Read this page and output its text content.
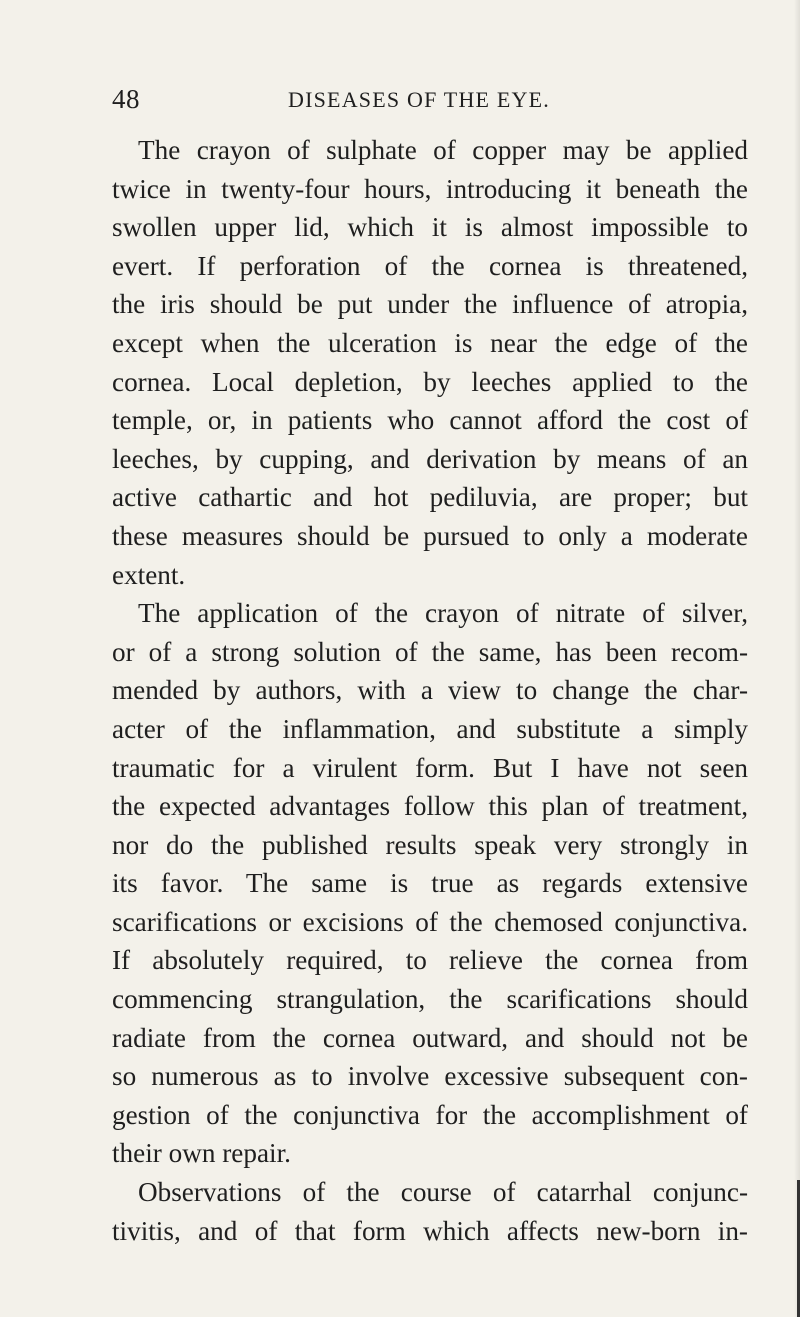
48	DISEASES OF THE EYE.
The crayon of sulphate of copper may be applied
twice in twenty-four hours, introducing it beneath the
swollen upper lid, which it is almost impossible to
evert. If perforation of the cornea is threatened,
the iris should be put under the influence of atropia,
except when the ulceration is near the edge of the
cornea. Local depletion, by leeches applied to the
temple, or, in patients who cannot afford the cost of
leeches, by cupping, and derivation by means of an
active cathartic and hot pediluvia, are proper; but
these measures should be pursued to only a moderate
extent.
The application of the crayon of nitrate of silver,
or of a strong solution of the same, has been recom-
mended by authors, with a view to change the char-
acter of the inflammation, and substitute a simply
traumatic for a virulent form. But I have not seen
the expected advantages follow this plan of treatment,
nor do the published results speak very strongly in
its favor. The same is true as regards extensive
scarifications or excisions of the chemosed conjunctiva.
If absolutely required, to relieve the cornea from
commencing strangulation, the scarifications should
radiate from the cornea outward, and should not be
so numerous as to involve excessive subsequent con-
gestion of the conjunctiva for the accomplishment of
their own repair.
Observations of the course of catarrhal conjunc-
tivitis, and of that form which affects new-born in-
